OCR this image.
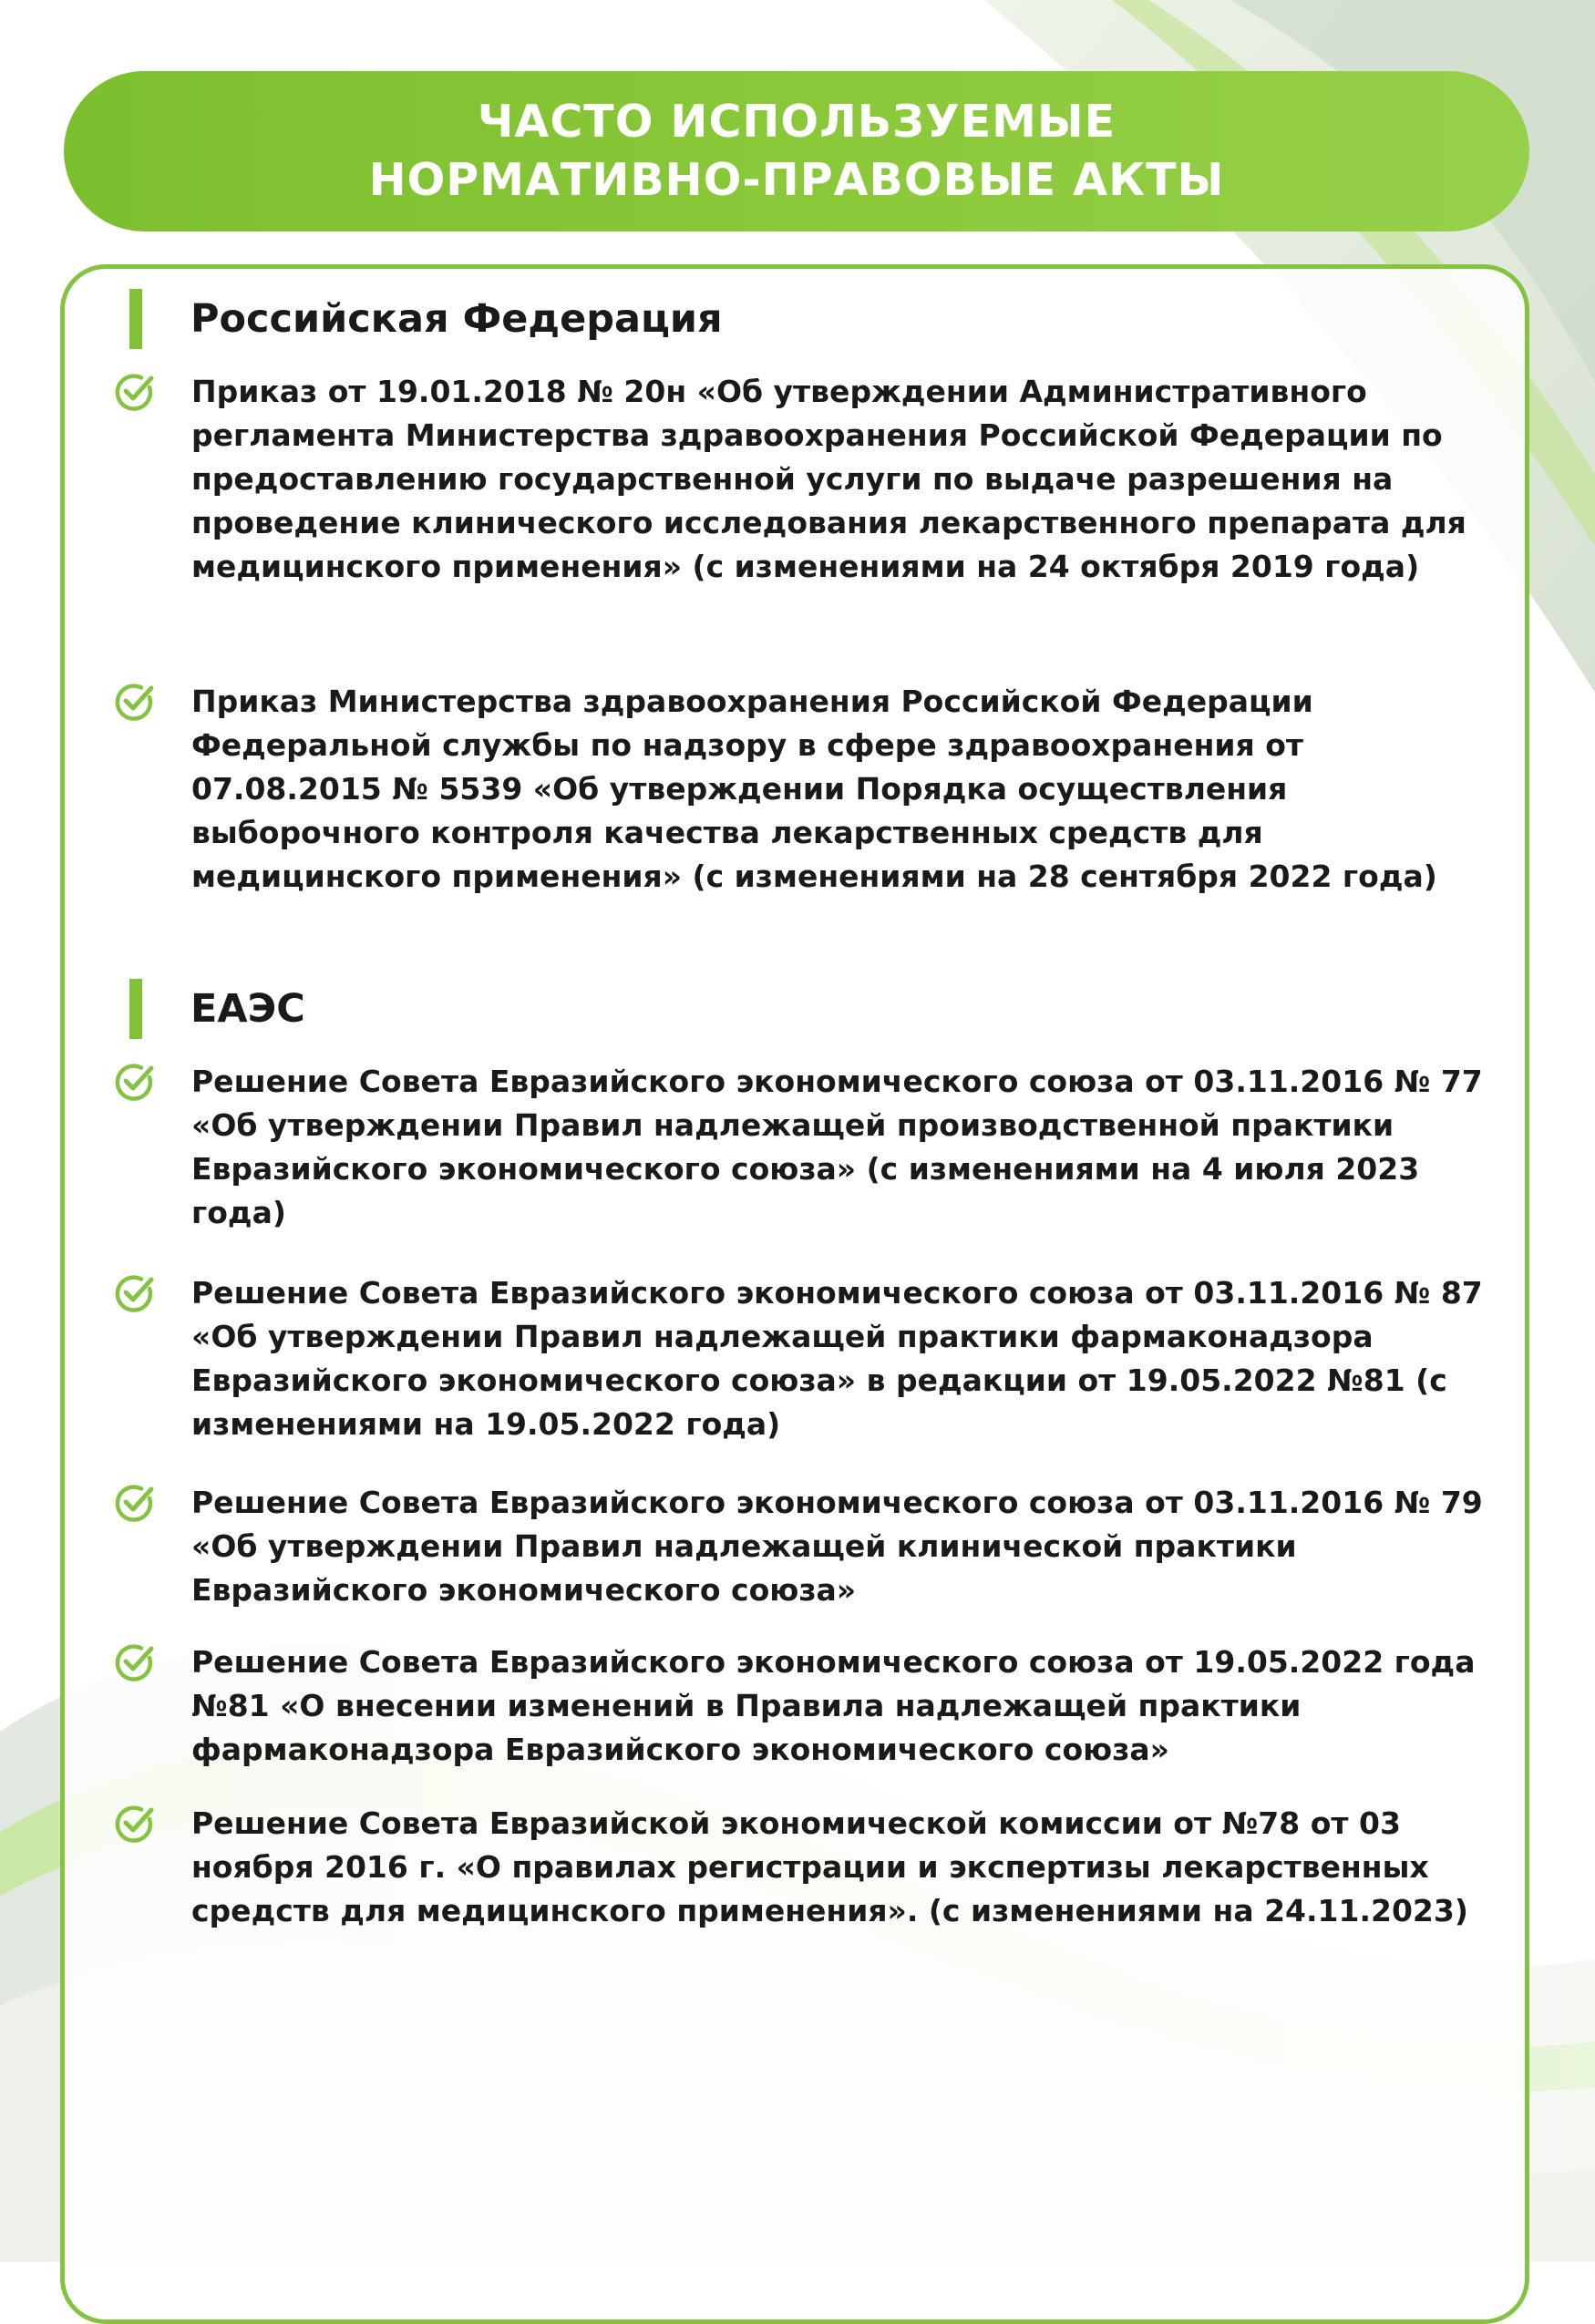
ЧАСТО ИСПОЛЬЗУЕМЫЕ
НОРМАТИВНО-ПРАВОВЫЕ АКТЫ
Российская Федерация

Приказ от 19.01.2018 № 20н «Об утверждении Административного регламента Министерства здравоохранения Российской Федерации по предоставлению государственной услуги по выдаче разрешения на проведение клинического исследования лекарственного препарата для медицинского применения» (с изменениями на 24 октября 2019 года)

Приказ Министерства здравоохранения Российской Федерации Федеральной службы по надзору в сфере здравоохранения от 07.08.2015 № 5539 «Об утверждении Порядка осуществления выборочного контроля качества лекарственных средств для медицинского применения» (с изменениями на 28 сентября 2022 года)

ЕАЭС

Решение Совета Евразийского экономического союза от 03.11.2016 № 77 «Об утверждении Правил надлежащей производственной практики Евразийского экономического союза» (с изменениями на 4 июля 2023 года)

Решение Совета Евразийского экономического союза от 03.11.2016 № 87 «Об утверждении Правил надлежащей практики фармаконадзора Евразийского экономического союза» в редакции от 19.05.2022 №81 (с изменениями на 19.05.2022 года)

Решение Совета Евразийского экономического союза от 03.11.2016 № 79 «Об утверждении Правил надлежащей клинической практики Евразийского экономического союза»

Решение Совета Евразийского экономического союза от 19.05.2022 года №81 «О внесении изменений в Правила надлежащей практики фармаконадзора Евразийского экономического союза»

Решение Совета Евразийской экономической комиссии от №78 от 03 ноября 2016 г. «О правилах регистрации и экспертизы лекарственных средств для медицинского применения». (с изменениями на 24.11.2023)
